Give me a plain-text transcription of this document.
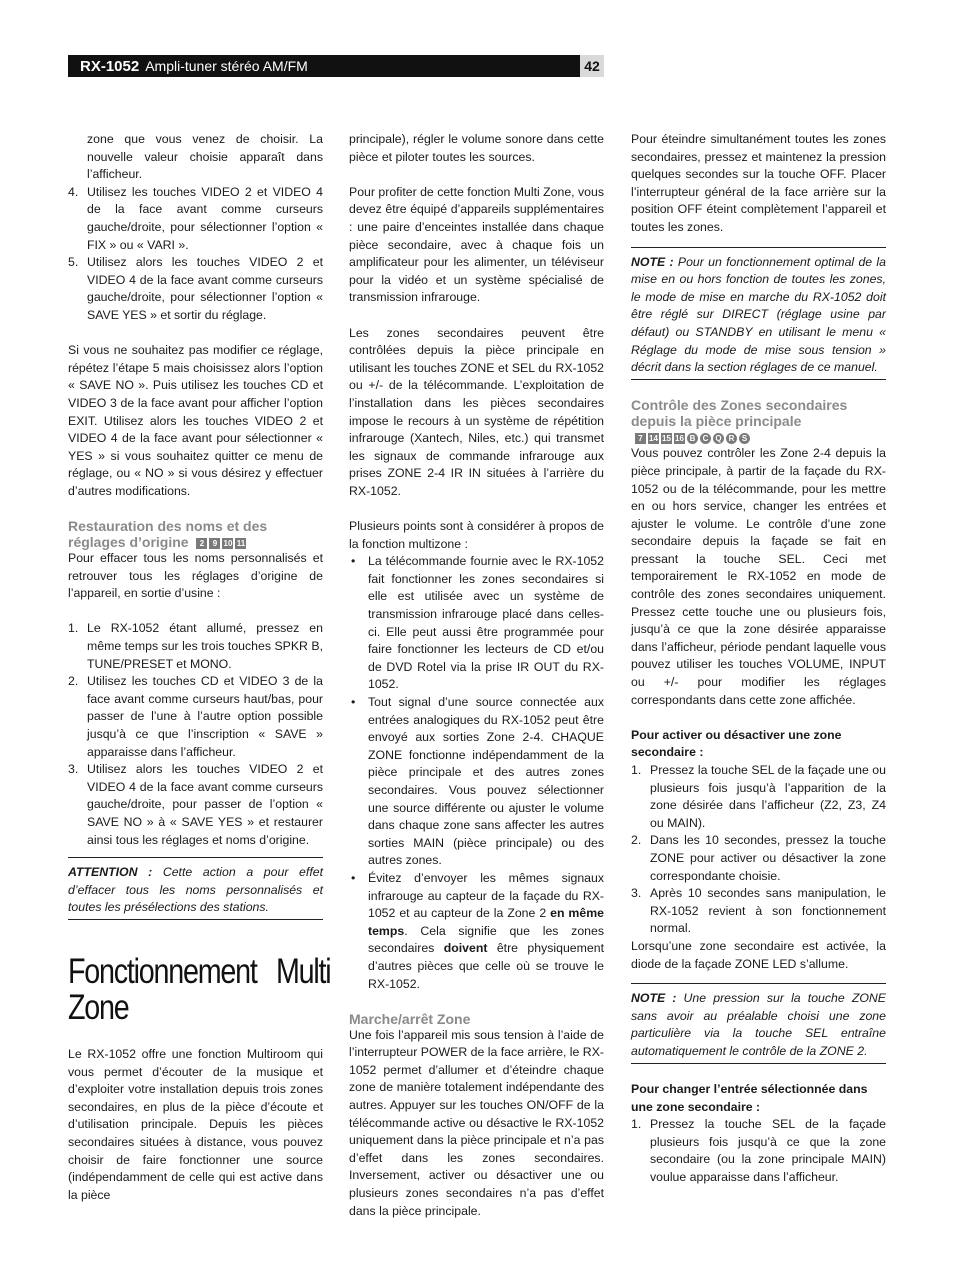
RX-1052 Ampli-tuner stéréo AM/FM	42

zone que vous venez de choisir. La nouvelle valeur choisie apparaît dans l’afficheur.

4. Utilisez les touches VIDEO 2 et VIDEO 4 de la face avant comme curseurs gauche/droite, pour sélectionner l’option « FIX » ou « VARI ».

5. Utilisez alors les touches VIDEO 2 et VIDEO 4 de la face avant comme curseurs gauche/droite, pour sélectionner l’option « SAVE YES » et sortir du réglage.

Si vous ne souhaitez pas modifier ce réglage, répétez l’étape 5 mais choisissez alors l’option « SAVE NO ». Puis utilisez les touches CD et VIDEO 3 de la face avant pour afficher l’option EXIT. Utilisez alors les touches VIDEO 2 et VIDEO 4 de la face avant pour sélectionner « YES » si vous souhaitez quitter ce menu de réglage, ou « NO » si vous désirez y effectuer d’autres modifications.

Restauration des noms et des réglages d’origine	2	9 10 11

Pour effacer tous les noms personnalisés et retrouver tous les réglages d’origine de l’appareil, en sortie d’usine :

1. Le RX-1052 étant allumé, pressez en même temps sur les trois touches SPKR B, TUNE/PRESET et MONO.

2. Utilisez les touches CD et VIDEO 3 de la face avant comme curseurs haut/bas, pour passer de l’une à l’autre option possible jusqu’à ce que l’inscription « SAVE » apparaisse dans l’afficheur.

3. Utilisez alors les touches VIDEO 2 et VIDEO 4 de la face avant comme curseurs gauche/droite, pour passer de l’option « SAVE NO » à « SAVE YES » et restaurer ainsi tous les réglages et noms d’origine.

ATTENTION : Cette action a pour effet d’effacer tous les noms personnalisés et toutes les présélections des stations.

Fonctionnement Multi Zone

Le RX-1052 offre une fonction Multiroom qui vous permet d’écouter de la musique et d’exploiter votre installation depuis trois zones secondaires, en plus de la pièce d’écoute et d’utilisation principale. Depuis les pièces secondaires situées à distance, vous pouvez choisir de faire fonctionner une source (indépendamment de celle qui est active dans la pièce

principale), régler le volume sonore dans cette pièce et piloter toutes les sources.

Pour profiter de cette fonction Multi Zone, vous devez être équipé d’appareils supplémentaires : une paire d’enceintes installée dans chaque pièce secondaire, avec à chaque fois un amplificateur pour les alimenter, un téléviseur pour la vidéo et un système spécialisé de transmission infrarouge.

Les zones secondaires peuvent être contrôlées depuis la pièce principale en utilisant les touches ZONE et SEL du RX-1052 ou +/- de la télécommande. L’exploitation de l’installation dans les pièces secondaires impose le recours à un système de répétition infrarouge (Xantech, Niles, etc.) qui transmet les signaux de commande infrarouge aux prises ZONE 2-4 IR IN situées à l’arrière du RX-1052.

Plusieurs points sont à considérer à propos de la fonction multizone :

• La télécommande fournie avec le RX-1052 fait fonctionner les zones secondaires si elle est utilisée avec un système de transmission infrarouge placé dans celles-ci. Elle peut aussi être programmée pour faire fonctionner les lecteurs de CD et/ou de DVD Rotel via la prise IR OUT du RX-1052.

• Tout signal d’une source connectée aux entrées analogiques du RX-1052 peut être envoyé aux sorties Zone 2-4. CHAQUE ZONE fonctionne indépendamment de la pièce principale et des autres zones secondaires. Vous pouvez sélectionner une source différente ou ajuster le volume dans chaque zone sans affecter les autres sorties MAIN (pièce principale) ou des autres zones.

• Évitez d’envoyer les mêmes signaux infrarouge au capteur de la façade du RX-1052 et au capteur de la Zone 2 en même temps. Cela signifie que les zones secondaires doivent être physiquement d’autres pièces que celle où se trouve le RX-1052.

Marche/arrêt Zone

Une fois l’appareil mis sous tension à l’aide de l’interrupteur POWER de la face arrière, le RX-1052 permet d’allumer et d’éteindre chaque zone de manière totalement indépendante des autres. Appuyer sur les touches ON/OFF de la télécommande active ou désactive le RX-1052 uniquement dans la pièce principale et n’a pas d’effet dans les zones secondaires. Inversement, activer ou désactiver une ou plusieurs zones secondaires n’a pas d’effet dans la pièce principale.

Pour éteindre simultanément toutes les zones secondaires, pressez et maintenez la pression quelques secondes sur la touche OFF. Placer l’interrupteur général de la face arrière sur la position OFF éteint complètement l’appareil et toutes les zones.

NOTE : Pour un fonctionnement optimal de la mise en ou hors fonction de toutes les zones, le mode de mise en marche du RX-1052 doit être réglé sur DIRECT (réglage usine par défaut) ou STANDBY en utilisant le menu « Réglage du mode de mise sous tension » décrit dans la section réglages de ce manuel.

Contrôle des Zones secondaires depuis la pièce principale
7 14 15 16 B C Q R S

Vous pouvez contrôler les Zone 2-4 depuis la pièce principale, à partir de la façade du RX-1052 ou de la télécommande, pour les mettre en ou hors service, changer les entrées et ajuster le volume. Le contrôle d’une zone secondaire depuis la façade se fait en pressant la touche SEL. Ceci met temporairement le RX-1052 en mode de contrôle des zones secondaires uniquement. Pressez cette touche une ou plusieurs fois, jusqu’à ce que la zone désirée apparaisse dans l’afficheur, période pendant laquelle vous pouvez utiliser les touches VOLUME, INPUT ou +/- pour modifier les réglages correspondants dans cette zone affichée.

Pour activer ou désactiver une zone secondaire :

1. Pressez la touche SEL de la façade une ou plusieurs fois jusqu’à l’apparition de la zone désirée dans l’afficheur (Z2, Z3, Z4 ou MAIN).

2. Dans les 10 secondes, pressez la touche ZONE pour activer ou désactiver la zone correspondante choisie.

3. Après 10 secondes sans manipulation, le RX-1052 revient à son fonctionnement normal.

Lorsqu’une zone secondaire est activée, la diode de la façade ZONE LED s’allume.

NOTE : Une pression sur la touche ZONE sans avoir au préalable choisi une zone particulière via la touche SEL entraîne automatiquement le contrôle de la ZONE 2.

Pour changer l’entrée sélectionnée dans une zone secondaire :

1. Pressez la touche SEL de la façade plusieurs fois jusqu’à ce que la zone secondaire (ou la zone principale MAIN) voulue apparaisse dans l’afficheur.
